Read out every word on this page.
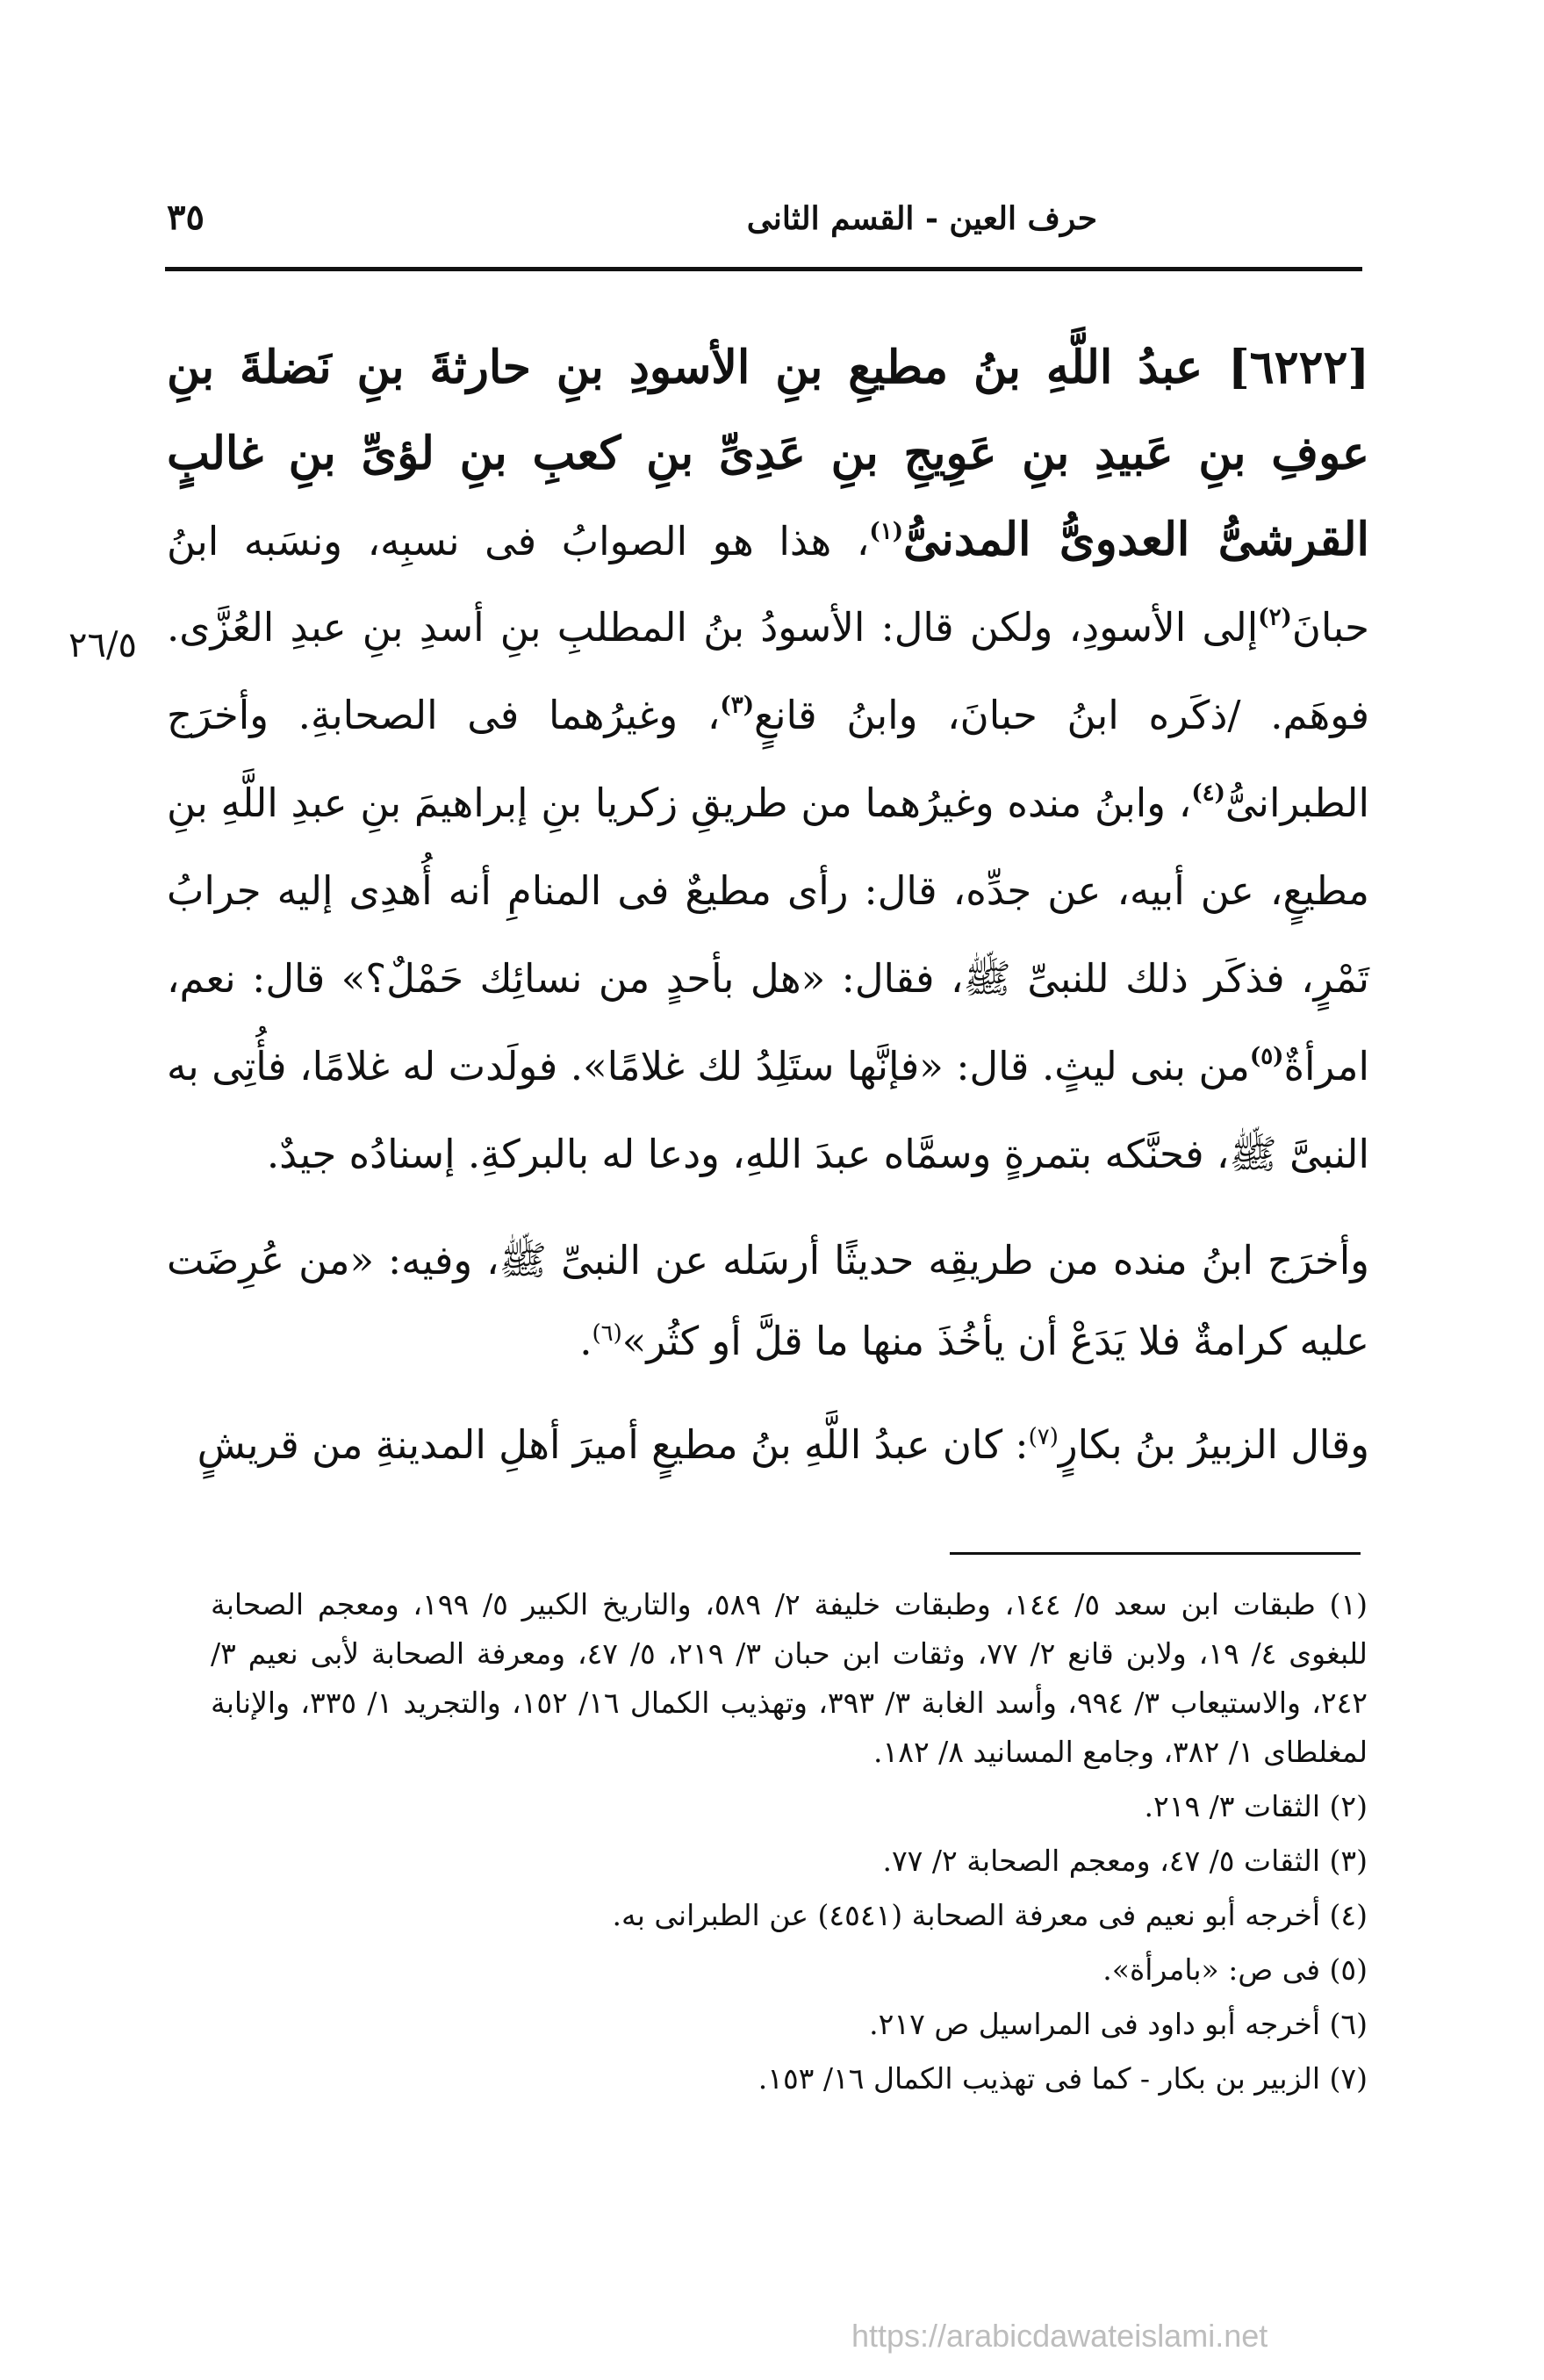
حرف العين - القسم الثانى
٣٥
٢٦/٥

[٦٢٢٢] عبدُ اللَّهِ بنُ مطيعِ بنِ الأسودِ بنِ حارثةَ بنِ نَضلةَ بنِ عوفِ بنِ عَبيدِ بنِ عَوِيجِ بنِ عَدِىِّ بنِ كعبِ بنِ لؤىِّ بنِ غالبٍ القرشىُّ العدوىُّ المدنىُّ$^{(١)}$، هذا هو الصوابُ فى نسبِه، ونسَبه ابنُ حبانَ$^{(٢)}$إلى الأسودِ، ولكن قال: الأسودُ بنُ المطلبِ بنِ أسدِ بنِ عبدِ العُزَّى. فوهَم. /ذكَره ابنُ حبانَ، وابنُ قانعٍ$^{(٣)}$، وغيرُهما فى الصحابةِ. وأخرَج الطبرانىُّ$^{(٤)}$، وابنُ منده وغيرُهما من طريقِ زكريا بنِ إبراهيمَ بنِ عبدِ اللَّهِ بنِ مطيعٍ، عن أبيه، عن جدِّه، قال: رأى مطيعٌ فى المنامِ أنه أُهدِى إليه جرابُ تَمْرٍ، فذكَر ذلك للنبىِّ ﷺ، فقال: «هل بأحدٍ من نسائِك حَمْلٌ؟» قال: نعم، امرأةٌ$^{(٥)}$من بنى ليثٍ. قال: «فإنَّها ستَلِدُ لك غلامًا». فولَدت له غلامًا، فأُتِى به النبىَّ ﷺ، فحنَّكه بتمرةٍ وسمَّاه عبدَ اللهِ، ودعا له بالبركةِ. إسنادُه جيدٌ.

وأخرَج ابنُ منده من طريقِه حديثًا أرسَله عن النبىِّ ﷺ، وفيه: «من عُرِضَت عليه كرامةٌ فلا يَدَعْ أن يأخُذَ منها ما قلَّ أو كثُر»$^{(٦)}$.

وقال الزبيرُ بنُ بكارٍ$^{(٧)}$: كان عبدُ اللَّهِ بنُ مطيعٍ أميرَ أهلِ المدينةِ من قريشٍ

(١) طبقات ابن سعد ٥/ ١٤٤، وطبقات خليفة ٢/ ٥٨٩، والتاريخ الكبير ٥/ ١٩٩، ومعجم الصحابة للبغوى ٤/ ١٩، ولابن قانع ٢/ ٧٧، وثقات ابن حبان ٣/ ٢١٩، ٥/ ٤٧، ومعرفة الصحابة لأبى نعيم ٣/ ٢٤٢، والاستيعاب ٣/ ٩٩٤، وأسد الغابة ٣/ ٣٩٣، وتهذيب الكمال ١٦/ ١٥٢، والتجريد ١/ ٣٣٥، والإنابة لمغلطاى ١/ ٣٨٢، وجامع المسانيد ٨/ ١٨٢.

(٢) الثقات ٣/ ٢١٩.

(٣) الثقات ٥/ ٤٧، ومعجم الصحابة ٢/ ٧٧.

(٤) أخرجه أبو نعيم فى معرفة الصحابة (٤٥٤١) عن الطبرانى به.

(٥) فى ص: «بامرأة».

(٦) أخرجه أبو داود فى المراسيل ص ٢١٧.

(٧) الزبير بن بكار - كما فى تهذيب الكمال ١٦/ ١٥٣.

https://arabicdawateislami.net
